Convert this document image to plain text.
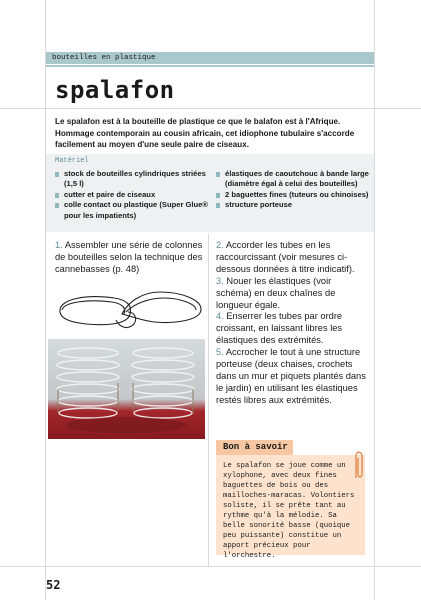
bouteilles en plastique
spalafon

Le spalafon est à la bouteille de plastique ce que le balafon est à l'Afrique. Hommage contemporain au cousin africain, cet idiophone tubulaire s'accorde facilement au moyen d'une seule paire de ciseaux.

Matériel
stock de bouteilles cylindriques striées (1,5 l)
cutter et paire de ciseaux
colle contact ou plastique (Super Glue® pour les impatients)
élastiques de caoutchouc à bande large (diamètre égal à celui des bouteilles)
2 baguettes fines (tuteurs ou chinoises)
structure porteuse

1. Assembler une série de colonnes de bouteilles selon la technique des cannebasses (p. 48)

2. Accorder les tubes en les raccourcissant (voir mesures ci-dessous données à titre indicatif).

3. Nouer les élastiques (voir schéma) en deux chaînes de longueur égale.

4. Enserrer les tubes par ordre croissant, en laissant libres les élastiques des extrémités.

5. Accrocher le tout à une structure porteuse (deux chaises, crochets dans un mur et piquets plantés dans le jardin) en utilisant les élastiques restés libres aux extrémités.

Bon à savoir
Le spalafon se joue comme un xylophone, avec deux fines baguettes de bois ou des mailloches-maracas. Volontiers soliste, il se prête tant au rythme qu'à la mélodie. Sa belle sonorité basse (quoique peu puissante) constitue un apport précieux pour l'orchestre.
52
